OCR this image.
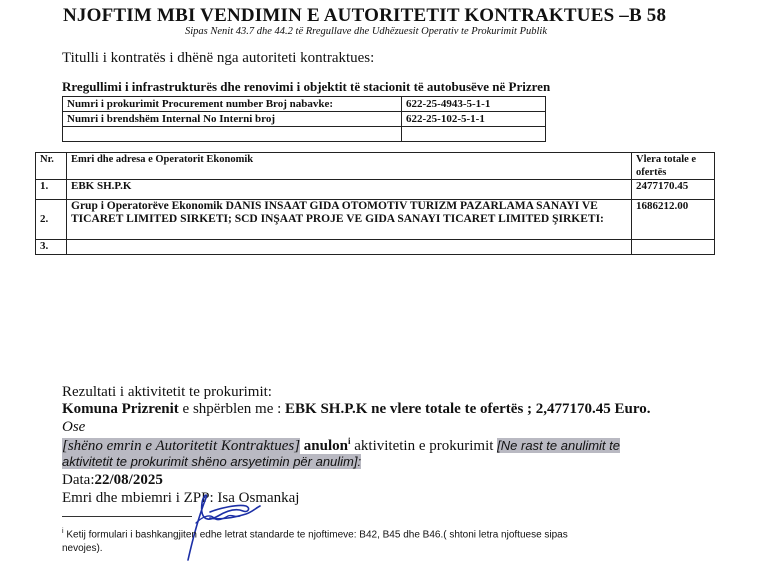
NJOFTIM MBI VENDIMIN E AUTORITETIT KONTRAKTUES –B 58
Sipas Nenit 43.7 dhe 44.2 të Rregullave dhe Udhëzuesit Operativ te Prokurimit Publik
Titulli i kontratës i dhënë nga autoriteti kontraktues:
Rregullimi i infrastrukturës dhe renovimi i objektit të stacionit të autobusëve në Prizren
Numri i prokurimit Procurement number Broj nabavke:	622-25-4943-5-1-1
Numri i brendshëm Internal No Interni broj	622-25-102-5-1-1

Nr.	Emri dhe adresa e Operatorit Ekonomik	Vlera totale e ofertës
1.	EBK SH.P.K	2477170.45
2.	Grup i Operatorëve Ekonomik DANIS INSAAT GIDA OTOMOTIV TURIZM PAZARLAMA SANAYI VE TICARET LIMITED SIRKETI; SCD INŞAAT PROJE VE GIDA SANAYI TICARET LIMITED ŞIRKETI:	1686212.00
3.		
Rezultati i aktivitetit te prokurimit:
Komuna Prizrenit e shpërblen me : EBK SH.P.K ne vlere totale te ofertës ; 2,477170.45 Euro.
Ose
[shëno emrin e Autoritetit Kontraktues] anulon$^i$ aktivitetin e prokurimit [Ne rast te anulimit te
aktivitetit te prokurimit shëno arsyetimin për anulim]:
Data:22/08/2025
Emri dhe mbiemri i ZPP: Isa Osmankaj
$^i$ Ketij formulari i bashkangjiten edhe letrat standarde te njoftimeve: B42, B45 dhe B46.( shtoni letra njoftuese sipas
nevojes).
